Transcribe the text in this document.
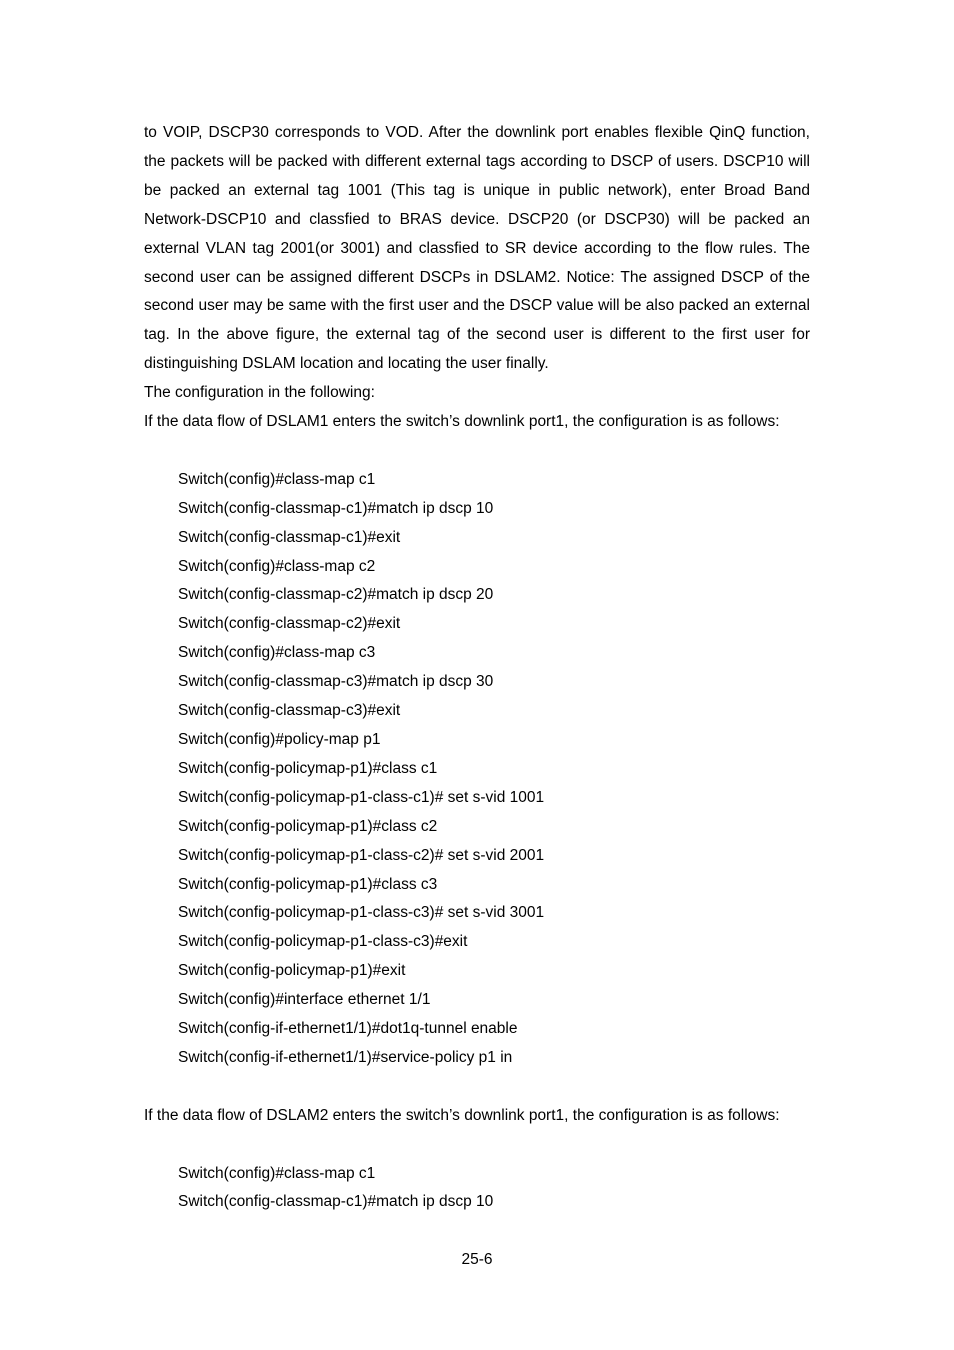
to VOIP, DSCP30 corresponds to VOD. After the downlink port enables flexible QinQ function, the packets will be packed with different external tags according to DSCP of users. DSCP10 will be packed an external tag 1001 (This tag is unique in public network), enter Broad Band Network-DSCP10 and classfied to BRAS device. DSCP20 (or DSCP30) will be packed an external VLAN tag 2001(or 3001) and classfied to SR device according to the flow rules. The second user can be assigned different DSCPs in DSLAM2. Notice: The assigned DSCP of the second user may be same with the first user and the DSCP value will be also packed an external tag. In the above figure, the external tag of the second user is different to the first user for distinguishing DSLAM location and locating the user finally.

The configuration in the following:

If the data flow of DSLAM1 enters the switch’s downlink port1, the configuration is as follows:

Switch(config)#class-map c1

Switch(config-classmap-c1)#match ip dscp 10

Switch(config-classmap-c1)#exit

Switch(config)#class-map c2

Switch(config-classmap-c2)#match ip dscp 20

Switch(config-classmap-c2)#exit

Switch(config)#class-map c3

Switch(config-classmap-c3)#match ip dscp 30

Switch(config-classmap-c3)#exit

Switch(config)#policy-map p1

Switch(config-policymap-p1)#class c1

Switch(config-policymap-p1-class-c1)# set s-vid 1001

Switch(config-policymap-p1)#class c2

Switch(config-policymap-p1-class-c2)# set s-vid 2001

Switch(config-policymap-p1)#class c3

Switch(config-policymap-p1-class-c3)# set s-vid 3001

Switch(config-policymap-p1-class-c3)#exit

Switch(config-policymap-p1)#exit

Switch(config)#interface ethernet 1/1

Switch(config-if-ethernet1/1)#dot1q-tunnel enable

Switch(config-if-ethernet1/1)#service-policy p1 in

If the data flow of DSLAM2 enters the switch’s downlink port1, the configuration is as follows:

Switch(config)#class-map c1

Switch(config-classmap-c1)#match ip dscp 10

25-6
